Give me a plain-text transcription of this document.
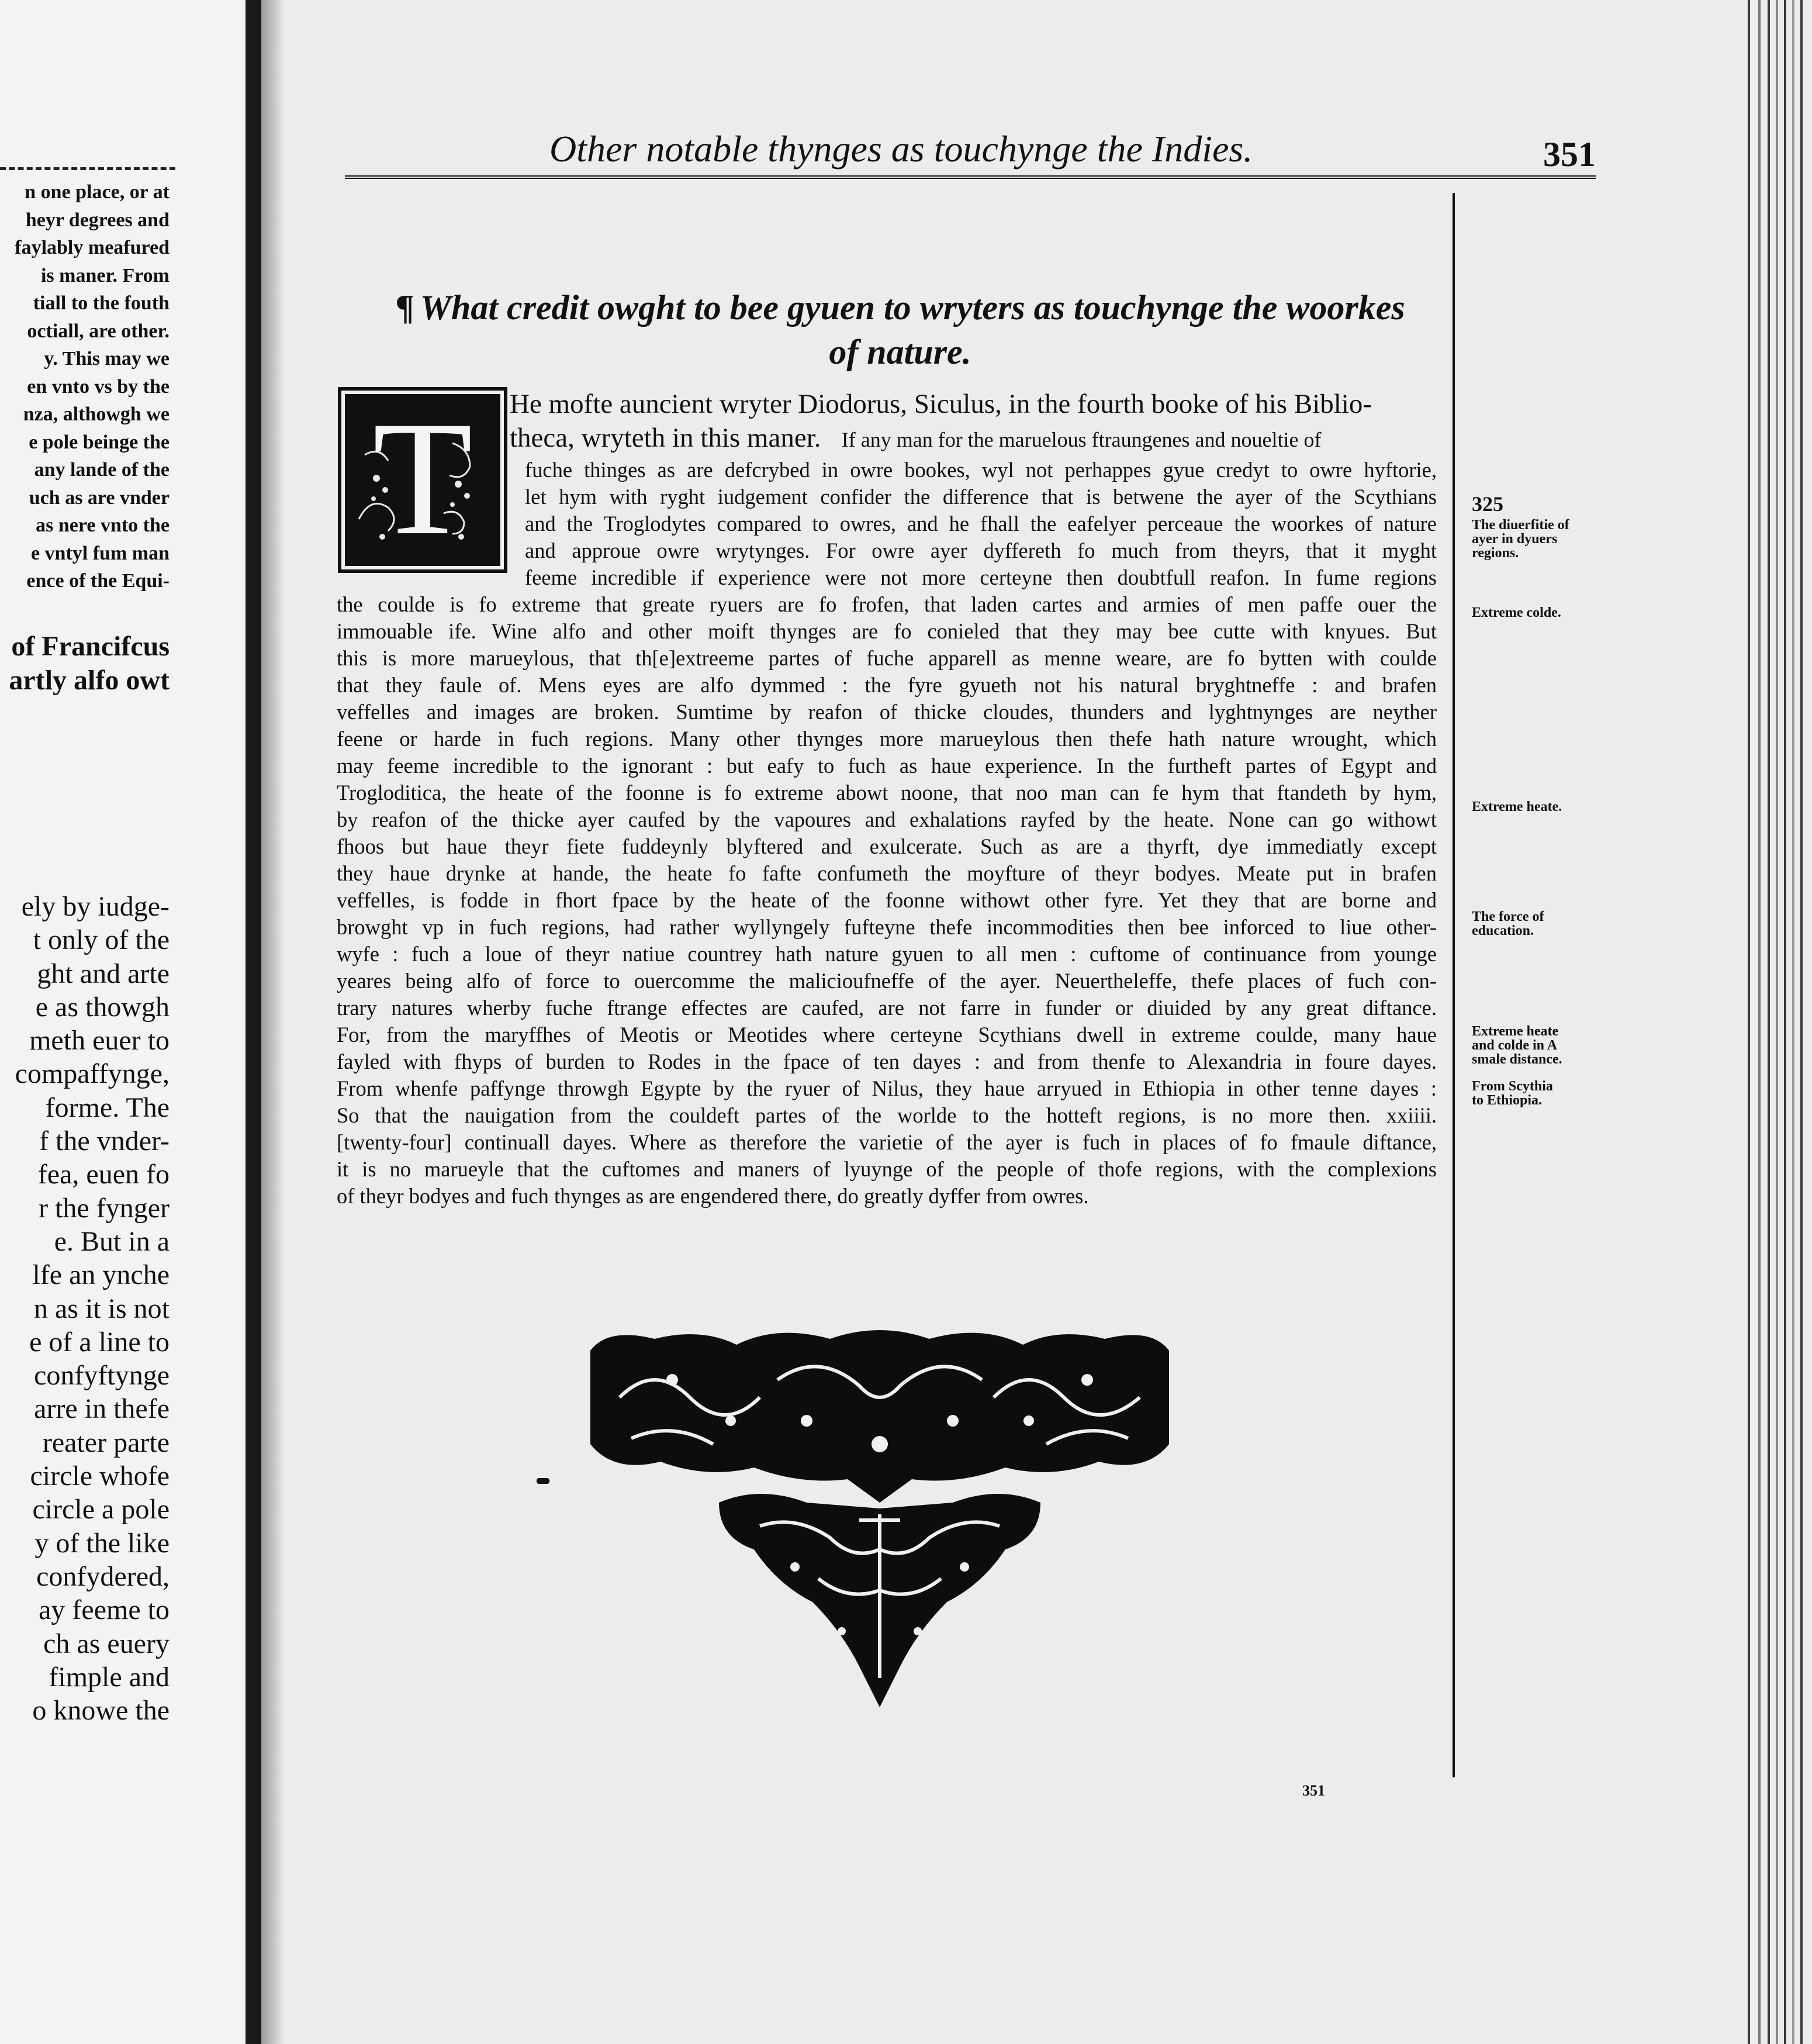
n one place, or at
heyr degrees and
faylably meafured
is maner. From
tiall to the fouth
octiall, are other.
y. This may we
en vnto vs by the
nza, althowgh we
e pole beinge the
any lande of the
uch as are vnder
as nere vnto the
e vntyl fum man
ence of the Equi-
of Francifcus
artly alfo owt
ely by iudge-
t only of the
ght and arte
e as thowgh
meth euer to
compaffynge,
forme. The
f the vnder-
fea, euen fo
r the fynger
e. But in a
lfe an ynche
n as it is not
e of a line to
confyftynge
arre in thefe
reater parte
circle whofe
circle a pole
y of the like
confydered,
ay feeme to
ch as euery
fimple and
o knowe the
Other notable thynges as touchynge the Indies.	351
¶ What credit owght to bee gyuen to wryters as touchynge the woorkes
of nature.
T	He mofte auncient wryter Diodorus, Siculus, in the fourth booke of his Biblio-
theca, wryteth in this maner. If any man for the maruelous ftraungenes and noueltie of
fuche thinges as are defcrybed in owre bookes, wyl not perhappes gyue credyt to owre hyftorie,
let hym with ryght iudgement confider the difference that is betwene the ayer of the Scythians
and the Troglodytes compared to owres, and he fhall the eafelyer perceaue the woorkes of nature
and approue owre wrytynges. For owre ayer dyffereth fo much from theyrs, that it myght
feeme incredible if experience were not more certeyne then doubtfull reafon. In fume regions
the coulde is fo extreme that greate ryuers are fo frofen, that laden cartes and armies of men paffe ouer the
immouable ife. Wine alfo and other moift thynges are fo conieled that they may bee cutte with knyues. But
this is more marueylous, that th[e]extreeme partes of fuche apparell as menne weare, are fo bytten with coulde
that they faule of. Mens eyes are alfo dymmed : the fyre gyueth not his natural bryghtneffe : and brafen
veffelles and images are broken. Sumtime by reafon of thicke cloudes, thunders and lyghtnynges are neyther
feene or harde in fuch regions. Many other thynges more marueylous then thefe hath nature wrought, which
may feeme incredible to the ignorant : but eafy to fuch as haue experience. In the furtheft partes of Egypt and
Trogloditica, the heate of the foonne is fo extreme abowt noone, that noo man can fe hym that ftandeth by hym,
by reafon of the thicke ayer caufed by the vapoures and exhalations rayfed by the heate. None can go withowt
fhoos but haue theyr fiete fuddeynly blyftered and exulcerate. Such as are a thyrft, dye immediatly except
they haue drynke at hande, the heate fo fafte confumeth the moyfture of theyr bodyes. Meate put in brafen
veffelles, is fodde in fhort fpace by the heate of the foonne withowt other fyre. Yet they that are borne and
browght vp in fuch regions, had rather wyllyngely fufteyne thefe incommodities then bee inforced to liue other-
wyfe : fuch a loue of theyr natiue countrey hath nature gyuen to all men : cuftome of continuance from younge
yeares being alfo of force to ouercomme the malicioufneffe of the ayer. Neuertheleffe, thefe places of fuch con-
trary natures wherby fuche ftrange effectes are caufed, are not farre in funder or diuided by any great diftance.
For, from the maryffhes of Meotis or Meotides where certeyne Scythians dwell in extreme coulde, many haue
fayled with fhyps of burden to Rodes in the fpace of ten dayes : and from thenfe to Alexandria in foure dayes.
From whenfe paffynge throwgh Egypte by the ryuer of Nilus, they haue arryued in Ethiopia in other tenne dayes :
So that the nauigation from the couldeft partes of the worlde to the hotteft regions, is no more then. xxiiii.
[twenty-four] continuall dayes. Where as therefore the varietie of the ayer is fuch in places of fo fmaule diftance,
it is no marueyle that the cuftomes and maners of lyuynge of the people of thofe regions, with the complexions
of theyr bodyes and fuch thynges as are engendered there, do greatly dyffer from owres.
325
The diuerfitie of
ayer in dyuers
regions.
Extreme colde.
Extreme heate.
The force of
education.
Extreme heate
and colde in A
smale distance.
From Scythia
to Ethiopia.
351
